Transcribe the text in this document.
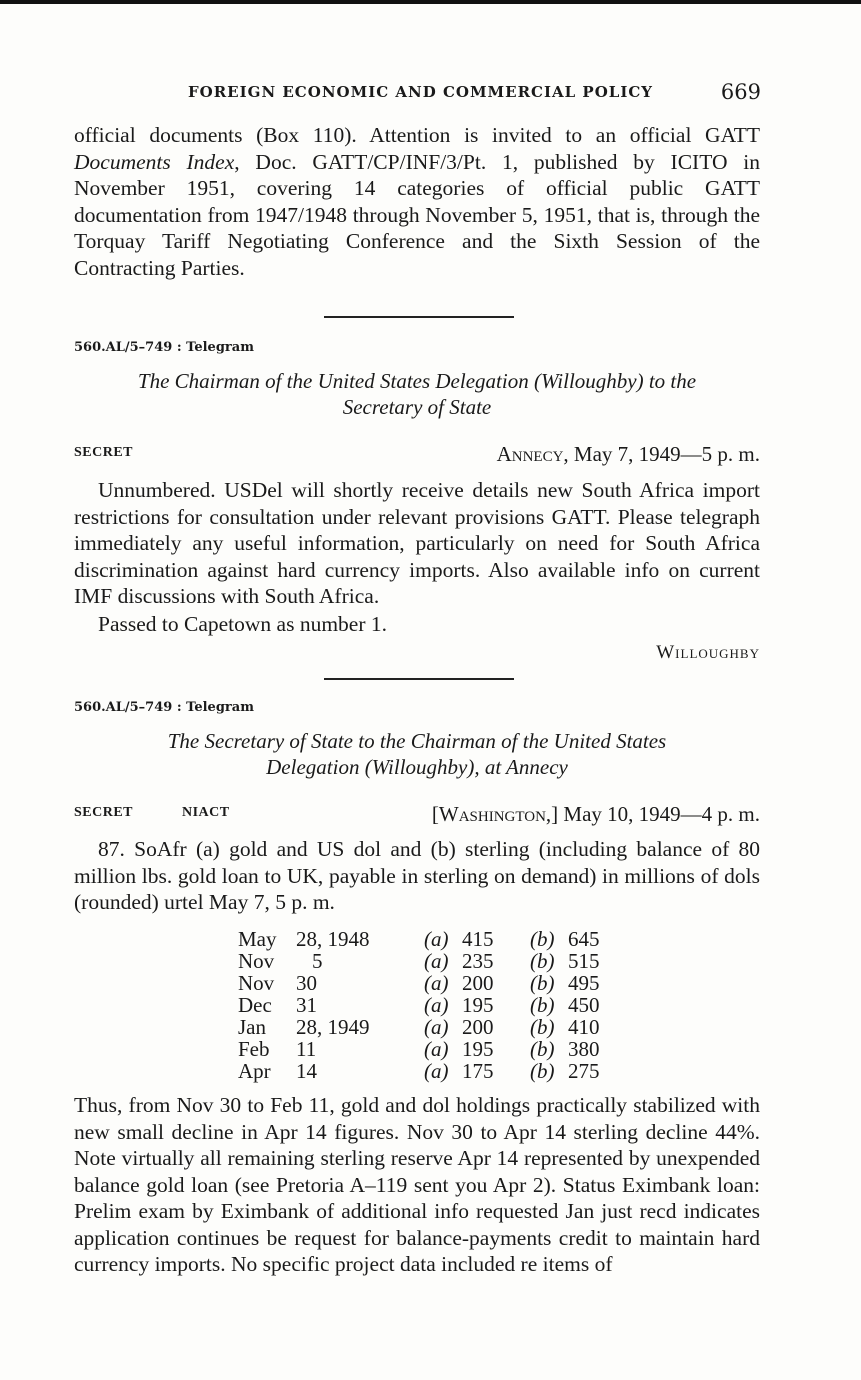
FOREIGN ECONOMIC AND COMMERCIAL POLICY	669
official documents (Box 110). Attention is invited to an official GATT Documents Index, Doc. GATT/CP/INF/3/Pt. 1, published by ICITO in November 1951, covering 14 categories of official public GATT documentation from 1947/1948 through November 5, 1951, that is, through the Torquay Tariff Negotiating Conference and the Sixth Session of the Contracting Parties.
560.AL/5–749 : Telegram
The Chairman of the United States Delegation (Willoughby) to the
Secretary of State
SECRET	Annecy, May 7, 1949—5 p. m.
Unnumbered. USDel will shortly receive details new South Africa import restrictions for consultation under relevant provisions GATT. Please telegraph immediately any useful information, particularly on need for South Africa discrimination against hard currency imports. Also available info on current IMF discussions with South Africa.
Passed to Capetown as number 1.
Willoughby
560.AL/5–749 : Telegram
The Secretary of State to the Chairman of the United States
Delegation (Willoughby), at Annecy
SECRET	NIACT	[Washington,] May 10, 1949—4 p. m.
87. SoAfr (a) gold and US dol and (b) sterling (including balance of 80 million lbs. gold loan to UK, payable in sterling on demand) in millions of dols (rounded) urtel May 7, 5 p. m.
May	28, 1948	(a)	415	(b)	645
Nov	5	(a)	235	(b)	515
Nov	30	(a)	200	(b)	495
Dec	31	(a)	195	(b)	450
Jan	28, 1949	(a)	200	(b)	410
Feb	11	(a)	195	(b)	380
Apr	14	(a)	175	(b)	275
Thus, from Nov 30 to Feb 11, gold and dol holdings practically stabilized with new small decline in Apr 14 figures. Nov 30 to Apr 14 sterling decline 44%. Note virtually all remaining sterling reserve Apr 14 represented by unexpended balance gold loan (see Pretoria A–119 sent you Apr 2). Status Eximbank loan: Prelim exam by Eximbank of additional info requested Jan just recd indicates application continues be request for balance-payments credit to maintain hard currency imports. No specific project data included re items of
